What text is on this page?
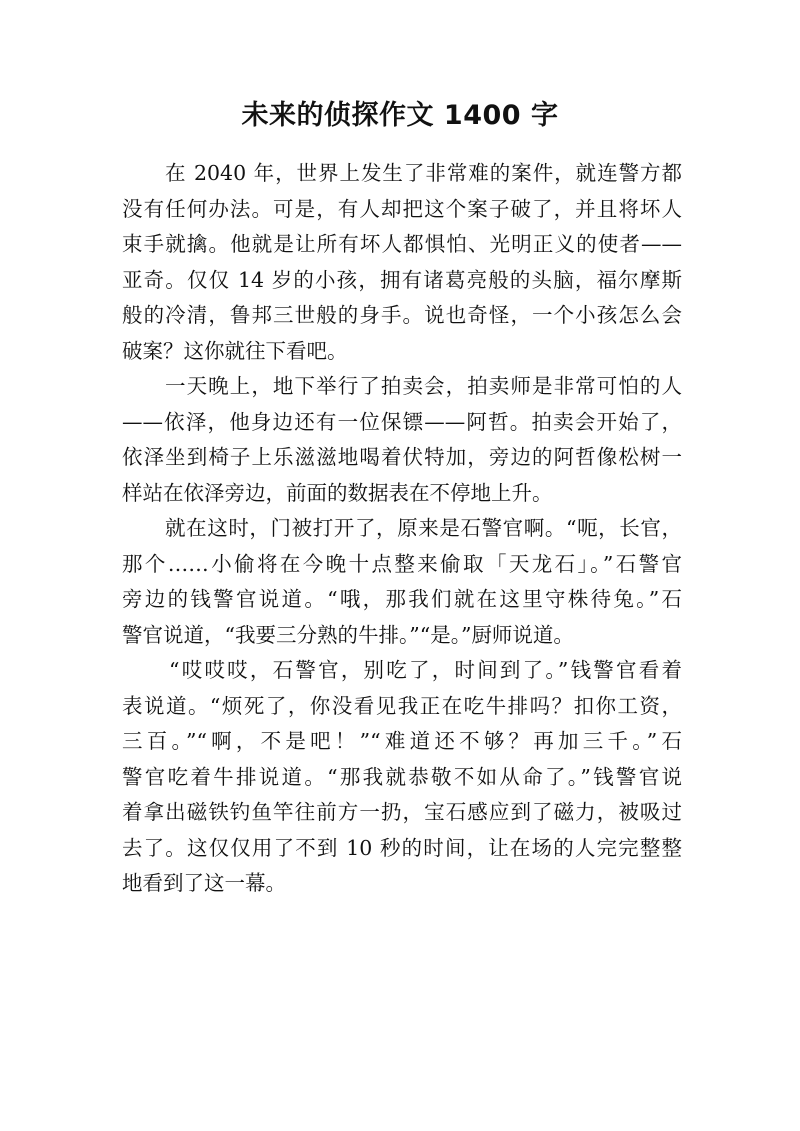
未来的侦探作文 1400 字

在 2040 年，世界上发生了非常难的案件，就连警方都
没有任何办法。可是，有人却把这个案子破了，并且将坏人
束手就擒。他就是让所有坏人都惧怕、光明正义的使者——
亚奇。仅仅 14 岁的小孩，拥有诸葛亮般的头脑，福尔摩斯
般的冷清，鲁邦三世般的身手。说也奇怪，一个小孩怎么会
破案？这你就往下看吧。

一天晚上，地下举行了拍卖会，拍卖师是非常可怕的人
——依泽，他身边还有一位保镖——阿哲。拍卖会开始了，
依泽坐到椅子上乐滋滋地喝着伏特加，旁边的阿哲像松树一
样站在依泽旁边，前面的数据表在不停地上升。

就在这时，门被打开了，原来是石警官啊。“呃，长官，
那个……小偷将在今晚十点整来偷取「天龙石」。”石警官
旁边的钱警官说道。“哦，那我们就在这里守株待兔。”石
警官说道，“我要三分熟的牛排。”“是。”厨师说道。

“哎哎哎，石警官，别吃了，时间到了。”钱警官看着
表说道。“烦死了，你没看见我正在吃牛排吗？扣你工资，
三百。”“啊，不是吧！”“难道还不够？再加三千。”石
警官吃着牛排说道。“那我就恭敬不如从命了。”钱警官说
着拿出磁铁钓鱼竿往前方一扔，宝石感应到了磁力，被吸过
去了。这仅仅用了不到 10 秒的时间，让在场的人完完整整
地看到了这一幕。
